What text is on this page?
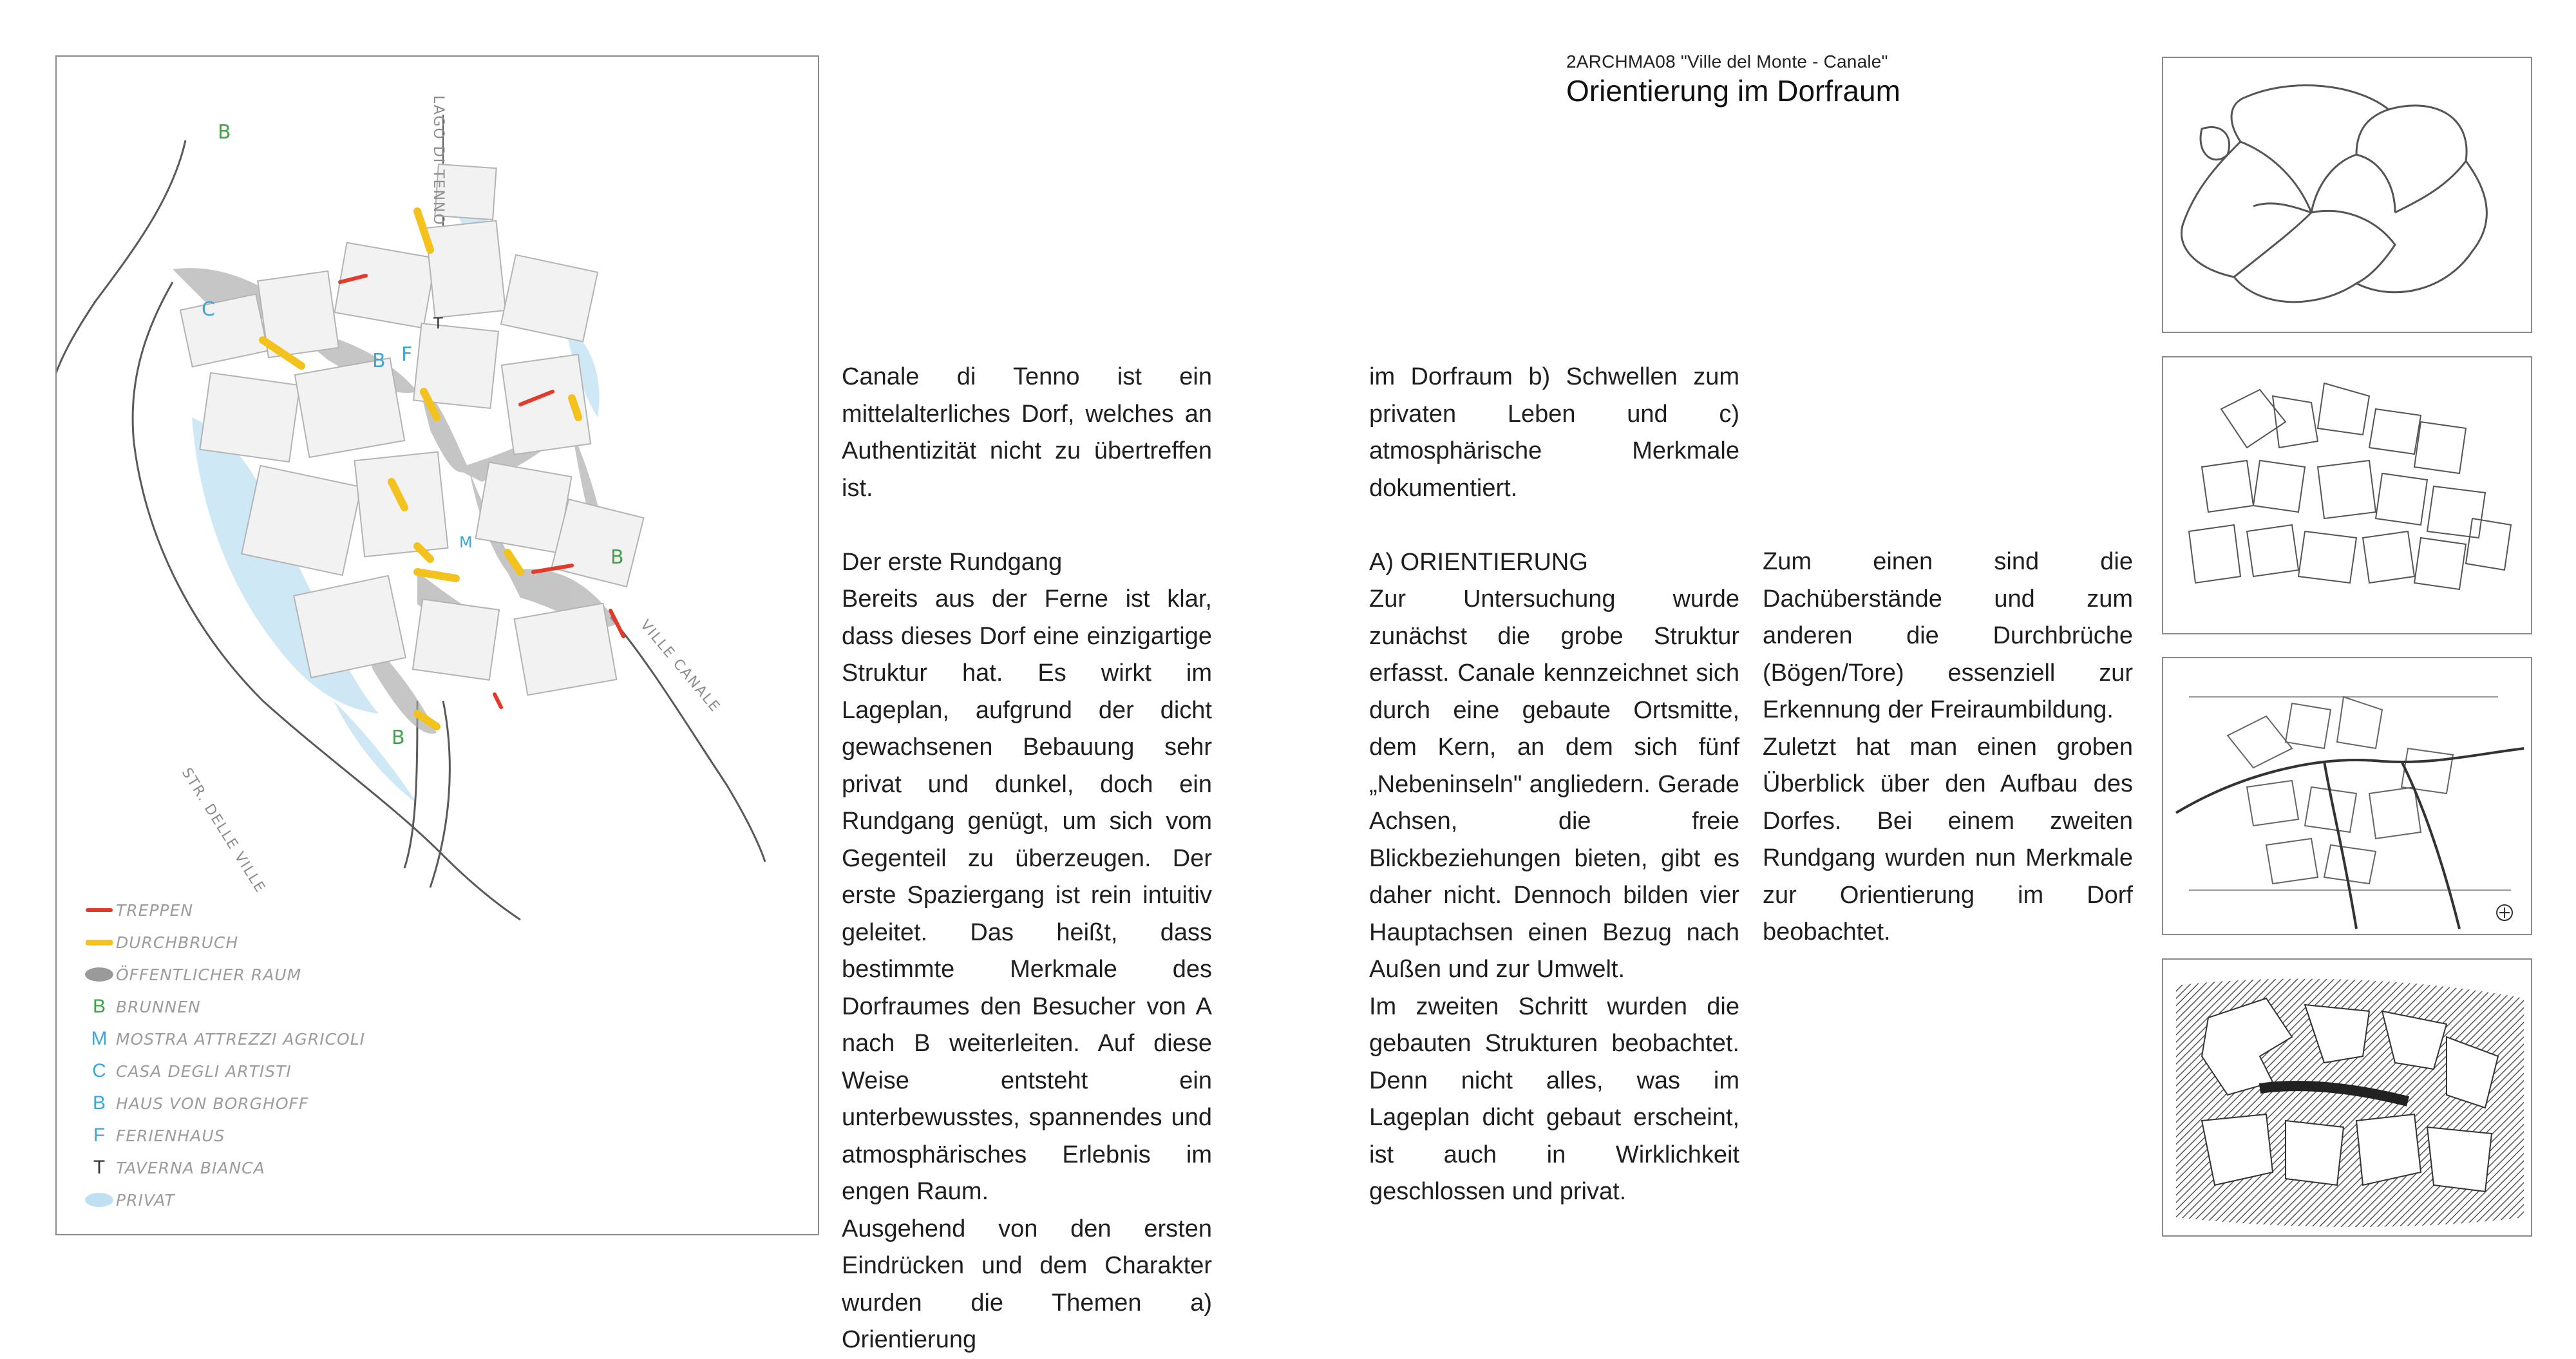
LAGO DI TENNO
STR. DELLE VILLE
VILLE CANALE
B
B
B
C
B F
T
M
TREPPEN
DURCHBRUCH
ÖFFENTLICHER RAUM
B BRUNNEN
M MOSTRA ATTREZZI AGRICOLI
C CASA DEGLI ARTISTI
B HAUS VON BORGHOFF
F FERIENHAUS
T TAVERNA BIANCA
PRIVAT
2ARCHMA08 "Ville del Monte - Canale"
Orientierung im Dorfraum

Canale di Tenno ist ein mittelalterliches Dorf, welches an Authentizität nicht zu übertreffen ist.

Der erste Rundgang

Bereits aus der Ferne ist klar, dass dieses Dorf eine einzigartige Struktur hat. Es wirkt im Lageplan, aufgrund der dicht gewachsenen Bebauung sehr privat und dunkel, doch ein Rundgang genügt, um sich vom Gegenteil zu überzeugen. Der erste Spaziergang ist rein intuitiv geleitet. Das heißt, dass bestimmte Merkmale des Dorfraumes den Besucher von A nach B weiterleiten. Auf diese Weise entsteht ein unterbewusstes, spannendes und atmosphärisches Erlebnis im engen Raum.

Ausgehend von den ersten Eindrücken und dem Charakter wurden die Themen a) Orientierung

im Dorfraum b) Schwellen zum privaten Leben und c) atmosphärische Merkmale dokumentiert.

A) ORIENTIERUNG

Zur Untersuchung wurde zunächst die grobe Struktur erfasst. Canale kennzeichnet sich durch eine gebaute Ortsmitte, dem Kern, an dem sich fünf „Nebeninseln" angliedern. Gerade Achsen, die freie Blickbeziehungen bieten, gibt es daher nicht. Dennoch bilden vier Hauptachsen einen Bezug nach Außen und zur Umwelt.

Im zweiten Schritt wurden die gebauten Strukturen beobachtet. Denn nicht alles, was im Lageplan dicht gebaut erscheint, ist auch in Wirklichkeit geschlossen und privat.

Zum einen sind die Dachüberstände und zum anderen die Durchbrüche (Bögen/Tore) essenziell zur Erkennung der Freiraumbildung.

Zuletzt hat man einen groben Überblick über den Aufbau des Dorfes. Bei einem zweiten Rundgang wurden nun Merkmale zur Orientierung im Dorf beobachtet.
